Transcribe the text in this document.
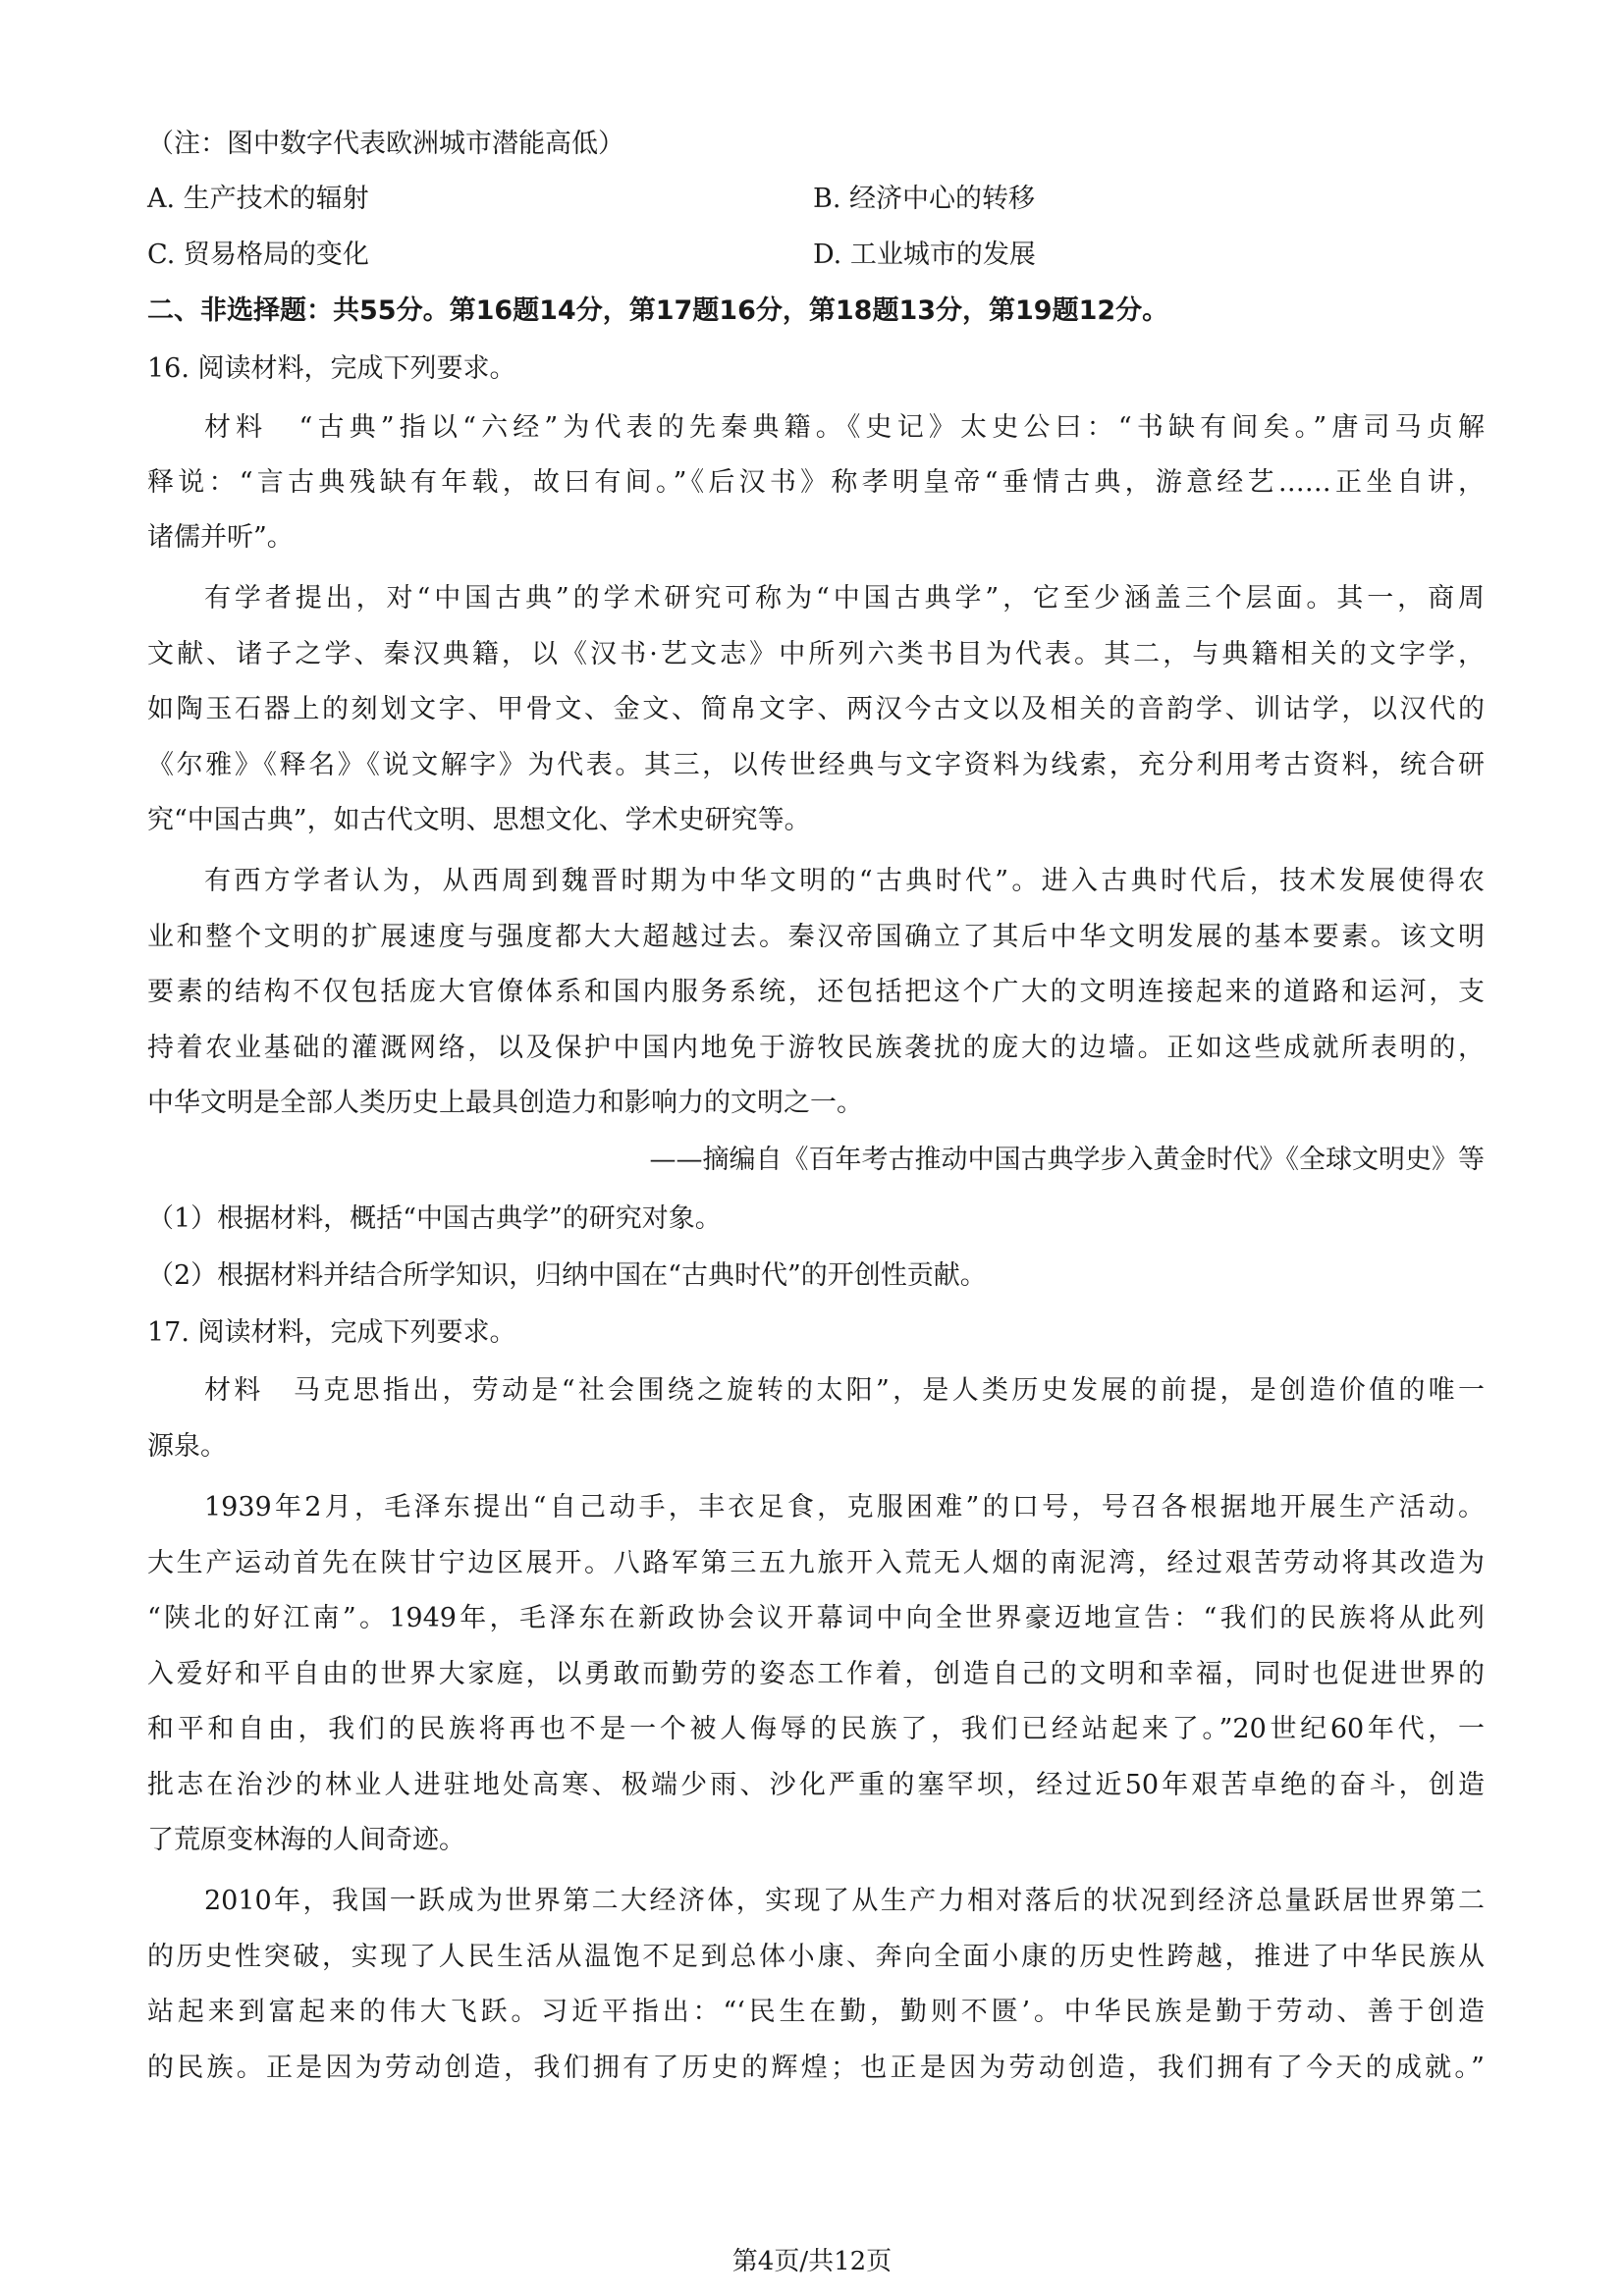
（注：图中数字代表欧洲城市潜能高低）
A. 生产技术的辐射	B. 经济中心的转移
C. 贸易格局的变化	D. 工业城市的发展
二、非选择题：共55分。第16题14分，第17题16分，第18题13分，第19题12分。
16. 阅读材料，完成下列要求。
材料　“古典”指以“六经”为代表的先秦典籍。《史记》太史公曰：“书缺有间矣。”唐司马贞解
释说：“言古典残缺有年载，故曰有间。”《后汉书》称孝明皇帝“垂情古典，游意经艺……正坐自讲，
诸儒并听”。
有学者提出，对“中国古典”的学术研究可称为“中国古典学”，它至少涵盖三个层面。其一，商周
文献、诸子之学、秦汉典籍，以《汉书·艺文志》中所列六类书目为代表。其二，与典籍相关的文字学，
如陶玉石器上的刻划文字、甲骨文、金文、简帛文字、两汉今古文以及相关的音韵学、训诂学，以汉代的
《尔雅》《释名》《说文解字》为代表。其三，以传世经典与文字资料为线索，充分利用考古资料，统合研
究“中国古典”，如古代文明、思想文化、学术史研究等。
有西方学者认为，从西周到魏晋时期为中华文明的“古典时代”。进入古典时代后，技术发展使得农
业和整个文明的扩展速度与强度都大大超越过去。秦汉帝国确立了其后中华文明发展的基本要素。该文明
要素的结构不仅包括庞大官僚体系和国内服务系统，还包括把这个广大的文明连接起来的道路和运河，支
持着农业基础的灌溉网络，以及保护中国内地免于游牧民族袭扰的庞大的边墙。正如这些成就所表明的，
中华文明是全部人类历史上最具创造力和影响力的文明之一。
——摘编自《百年考古推动中国古典学步入黄金时代》《全球文明史》等
（1）根据材料，概括“中国古典学”的研究对象。
（2）根据材料并结合所学知识，归纳中国在“古典时代”的开创性贡献。
17. 阅读材料，完成下列要求。
材料　马克思指出，劳动是“社会围绕之旋转的太阳”，是人类历史发展的前提，是创造价值的唯一
源泉。
1939年2月，毛泽东提出“自己动手，丰衣足食，克服困难”的口号，号召各根据地开展生产活动。
大生产运动首先在陕甘宁边区展开。八路军第三五九旅开入荒无人烟的南泥湾，经过艰苦劳动将其改造为
“陕北的好江南”。1949年，毛泽东在新政协会议开幕词中向全世界豪迈地宣告：“我们的民族将从此列
入爱好和平自由的世界大家庭，以勇敢而勤劳的姿态工作着，创造自己的文明和幸福，同时也促进世界的
和平和自由，我们的民族将再也不是一个被人侮辱的民族了，我们已经站起来了。”20世纪60年代，一
批志在治沙的林业人进驻地处高寒、极端少雨、沙化严重的塞罕坝，经过近50年艰苦卓绝的奋斗，创造
了荒原变林海的人间奇迹。
2010年，我国一跃成为世界第二大经济体，实现了从生产力相对落后的状况到经济总量跃居世界第二
的历史性突破，实现了人民生活从温饱不足到总体小康、奔向全面小康的历史性跨越，推进了中华民族从
站起来到富起来的伟大飞跃。习近平指出：“‘民生在勤，勤则不匮’。中华民族是勤于劳动、善于创造
的民族。正是因为劳动创造，我们拥有了历史的辉煌；也正是因为劳动创造，我们拥有了今天的成就。”
第4页/共12页
